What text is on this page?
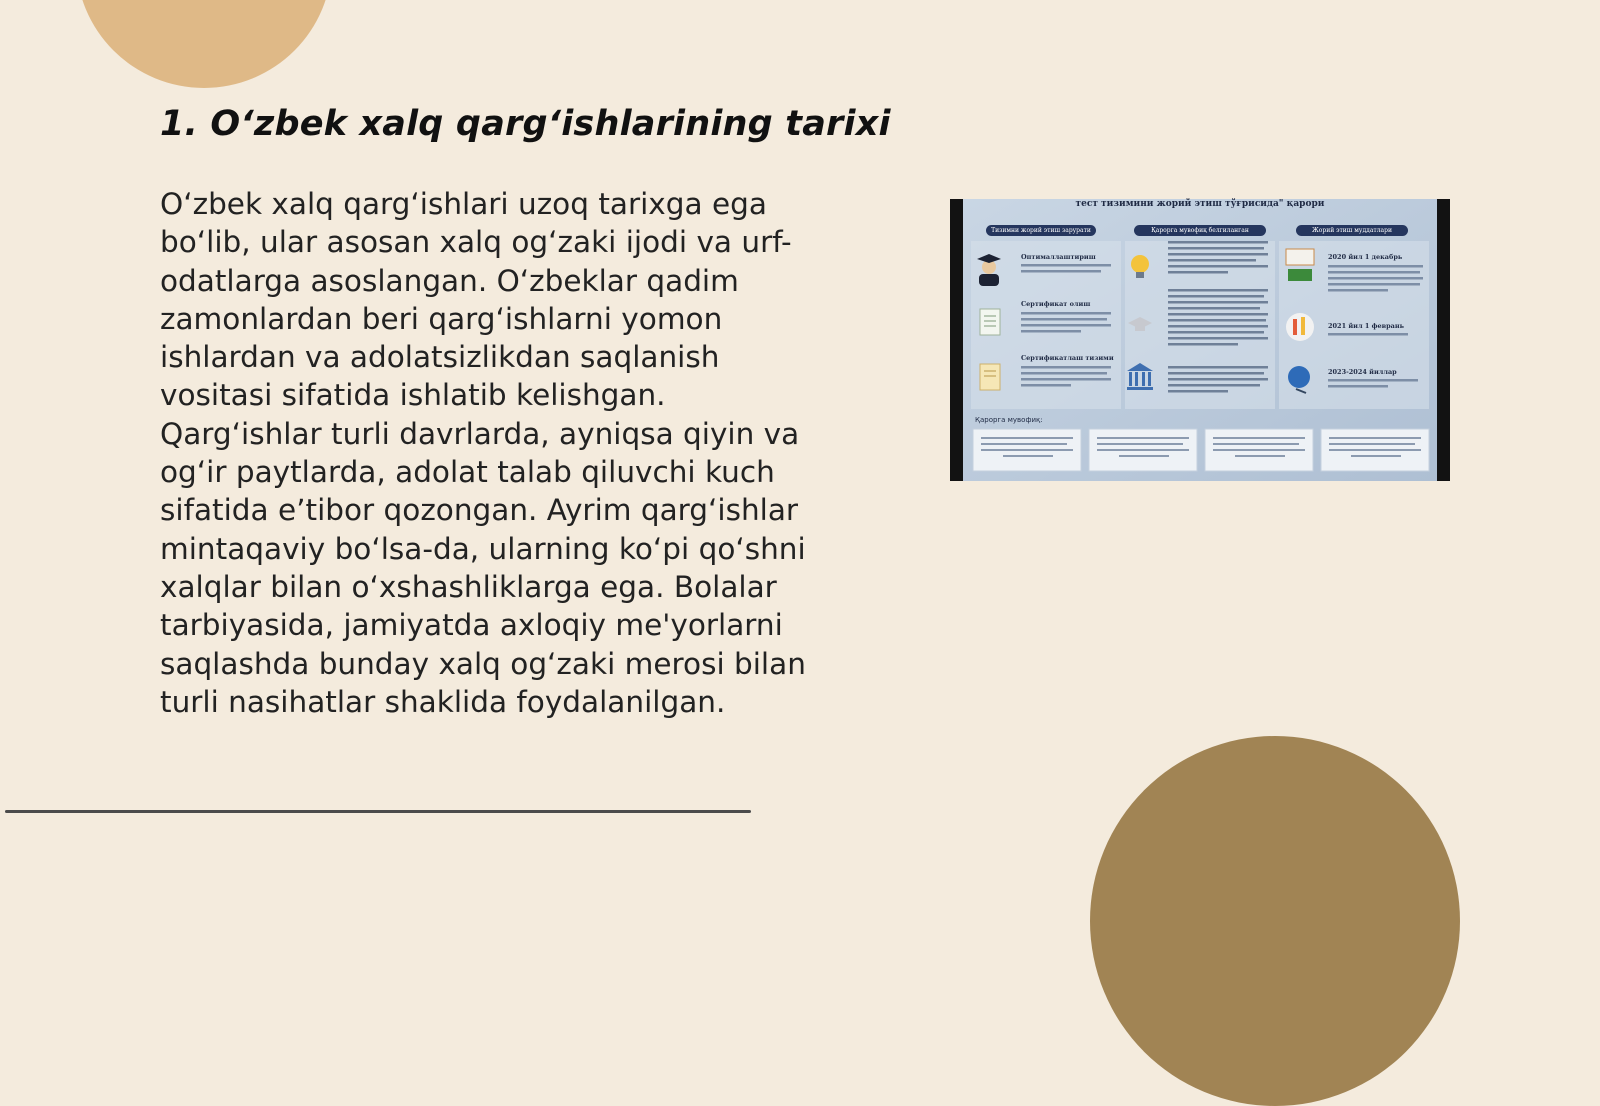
1. O‘zbek xalq qarg‘ishlarining tarixi

O‘zbek xalq qarg‘ishlari uzoq tarixga ega bo‘lib, ular asosan xalq og‘zaki ijodi va urf-odatlarga asoslangan. O‘zbeklar qadim zamonlardan beri qarg‘ishlarni yomon ishlardan va adolatsizlikdan saqlanish vositasi sifatida ishlatib kelishgan. Qarg‘ishlar turli davrlarda, ayniqsa qiyin va og‘ir paytlarda, adolat talab qiluvchi kuch sifatida e’tibor qozongan. Ayrim qarg‘ishlar mintaqaviy bo‘lsa-da, ularning ko‘pi qo‘shni xalqlar bilan o‘xshashliklarga ega. Bolalar tarbiyasida, jamiyatda axloqiy me'yorlarni saqlashda bunday xalq og‘zaki merosi bilan turli nasihatlar shaklida foydalanilgan.

тест тизимини жорий этиш тўғрисида" қарори
Тизимни жорий этиш зарурати	Қарорга мувофиқ белгиланган	Жорий этиш муддатлари
Оптималлаштириш
Сертификат олиш
Сертификатлаш тизими
2020 йил 1 декабрь
2021 йил 1 феврань
2023-2024 йиллар
Қарорга мувофиқ:
